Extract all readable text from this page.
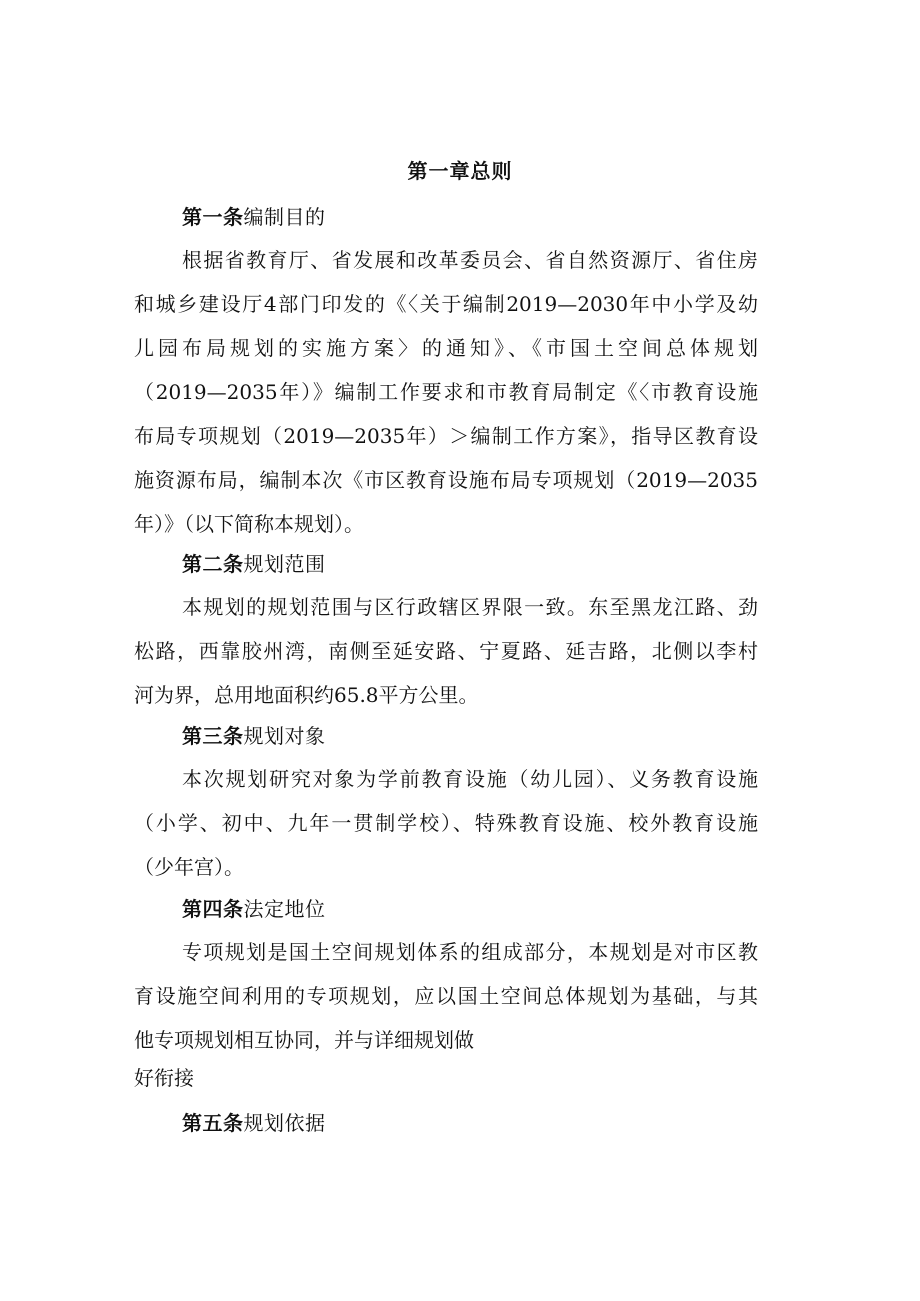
第一章总则
第一条编制目的
根据省教育厅、省发展和改革委员会、省自然资源厅、省住房
和城乡建设厅4部门印发的《〈关于编制2019—2030年中小学及幼
儿园布局规划的实施方案〉的通知》、《市国土空间总体规划
（2019—2035年）》编制工作要求和市教育局制定《〈市教育设施
布局专项规划（2019—2035年）＞编制工作方案》，指导区教育设
施资源布局，编制本次《市区教育设施布局专项规划（2019—2035
年）》（以下简称本规划）。
第二条规划范围
本规划的规划范围与区行政辖区界限一致。东至黑龙江路、劲
松路，西靠胶州湾，南侧至延安路、宁夏路、延吉路，北侧以李村
河为界，总用地面积约65.8平方公里。
第三条规划对象
本次规划研究对象为学前教育设施（幼儿园）、义务教育设施
（小学、初中、九年一贯制学校）、特殊教育设施、校外教育设施
（少年宫）。
第四条法定地位
专项规划是国土空间规划体系的组成部分，本规划是对市区教
育设施空间利用的专项规划，应以国土空间总体规划为基础，与其
他专项规划相互协同，并与详细规划做
好衔接
第五条规划依据
